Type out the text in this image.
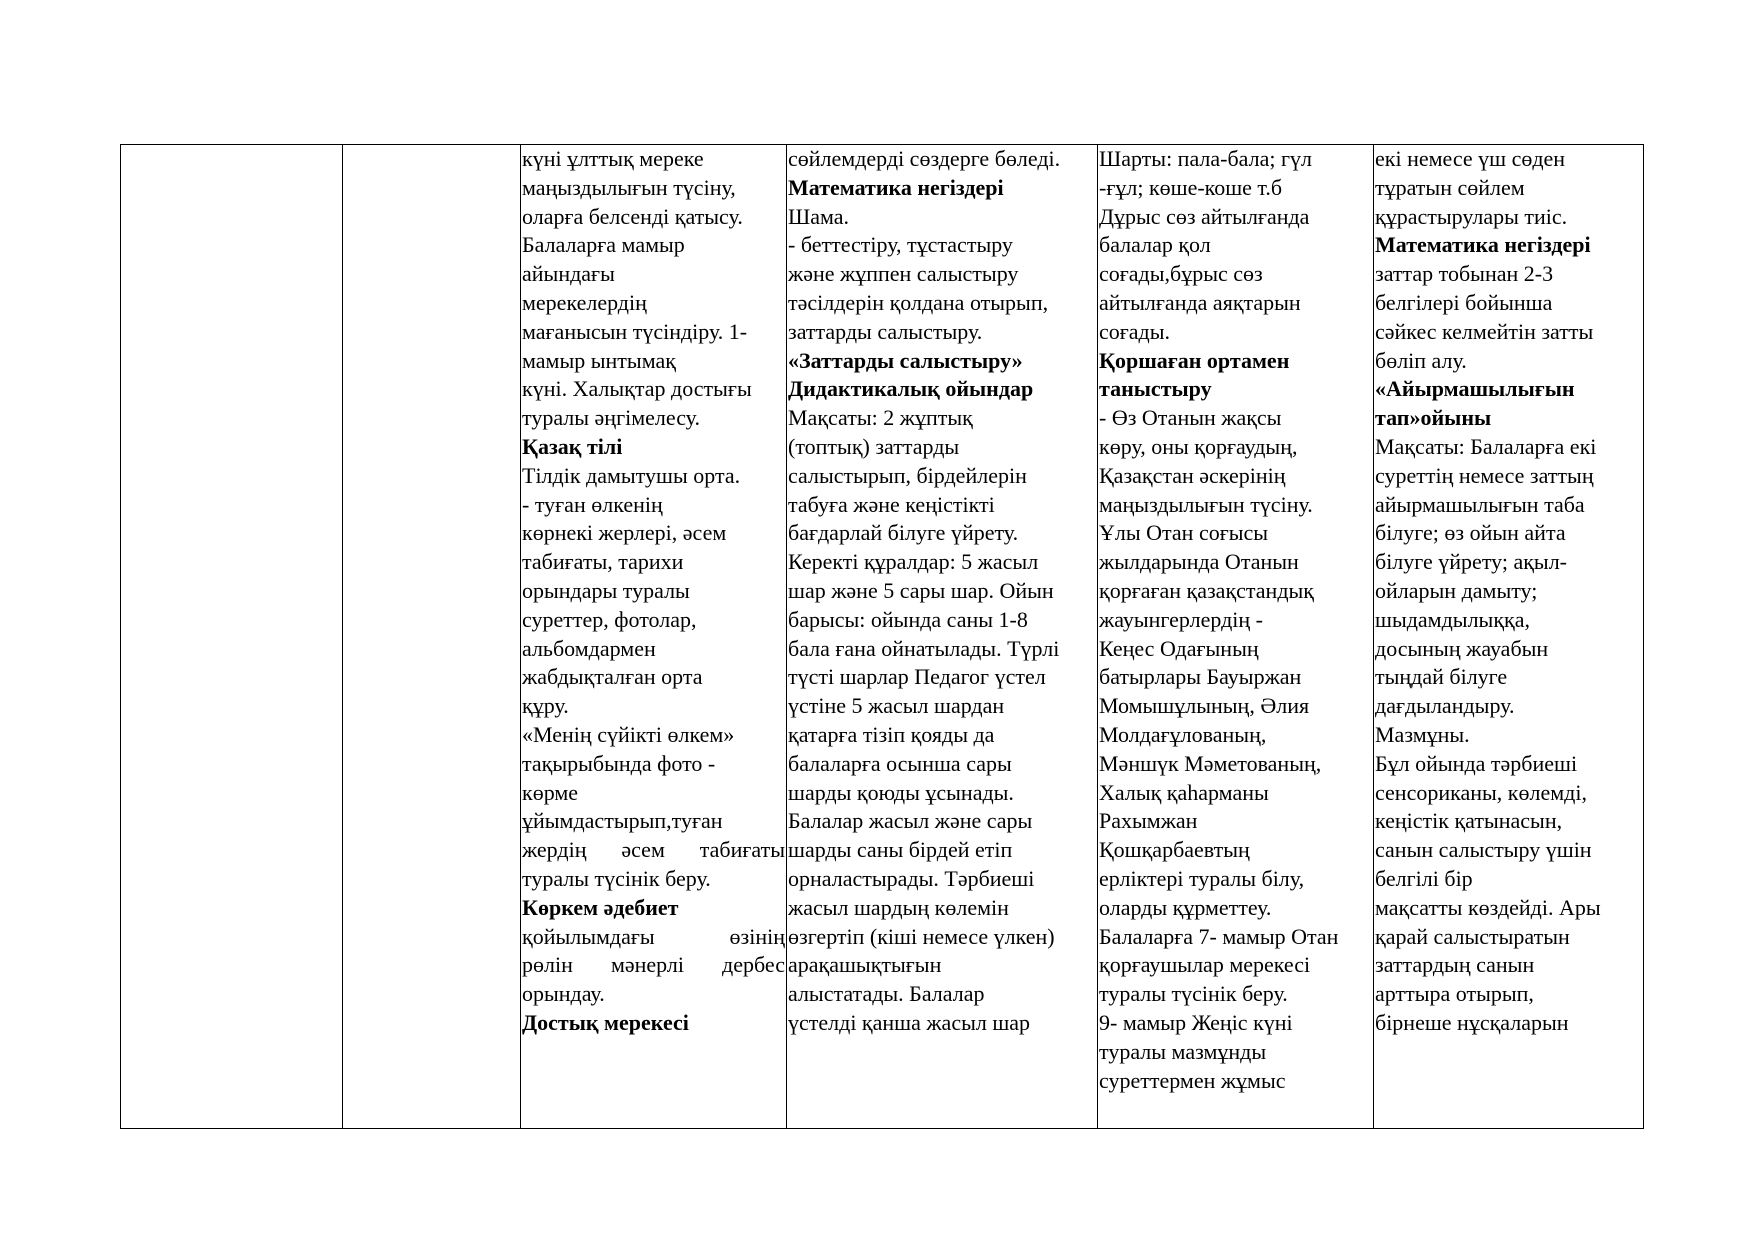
күні ұлттық мереке
маңыздылығын түсіну,
оларға белсенді қатысу.
Балаларға мамыр
айындағы
мерекелердің
мағанысын түсіндіру. 1-
мамыр ынтымақ
күні. Халықтар достығы
туралы әңгімелесу.
Қазақ тілі
Тілдік дамытушы орта.
- туған өлкенің
көрнекі жерлері, әсем
табиғаты, тарихи
орындары туралы
суреттер, фотолар,
альбомдармен
жабдықталған орта
құру.
«Менің сүйікті өлкем»
тақырыбында фото -
көрме
ұйымдастырып,туған
жердің әсем табиғаты
туралы түсінік беру.
Көркем әдебиет
қойылымдағы	өзінің
рөлін мәнерлі дербес
орындау.
Достық мерекесі

сөйлемдерді сөздерге бөледі.
Математика негіздері
Шама.
- беттестіру, тұстастыру
және жұппен салыстыру
тәсілдерін қолдана отырып,
заттарды салыстыру.
«Заттарды салыстыру»
Дидактикалық ойындар
Мақсаты: 2 жұптық
(топтық) заттарды
салыстырып, бірдейлерін
табуға және кеңістікті
бағдарлай білуге үйрету.
Керекті құралдар: 5 жасыл
шар және 5 сары шар. Ойын
барысы: ойында саны 1-8
бала ғана ойнатылады. Түрлі
түсті шарлар Педагог үстел
үстіне 5 жасыл шардан
қатарға тізіп қояды да
балаларға осынша сары
шарды қоюды ұсынады.
Балалар жасыл және сары
шарды саны бірдей етіп
орналастырады. Тәрбиеші
жасыл шардың көлемін
өзгертіп (кіші немесе үлкен)
арақашықтығын
алыстатады. Балалар
үстелді қанша жасыл шар

Шарты: пала-бала; гүл
-ғұл; көше-коше т.б
Дұрыс сөз айтылғанда
балалар қол
соғады,бұрыс сөз
айтылғанда аяқтарын
соғады.
Қоршаған ортамен
таныстыру
- Өз Отанын жақсы
көру, оны қорғаудың,
Қазақстан әскерінің
маңыздылығын түсіну.
Ұлы Отан соғысы
жылдарында Отанын
қорғаған қазақстандық
жауынгерлердің -
Кеңес Одағының
батырлары Бауыржан
Момышұлының, Әлия
Молдағұлованың,
Мәншүк Мәметованың,
Халық қаһарманы
Рахымжан
Қошқарбаевтың
ерліктері туралы білу,
оларды құрметтеу.
Балаларға 7- мамыр Отан
қорғаушылар мерекесі
туралы түсінік беру.
9- мамыр Жеңіс күні
туралы мазмұнды
суреттермен жұмыс

екі немесе үш сөден
тұратын сөйлем
құрастырулары тиіс.
Математика негіздері
заттар тобынан 2-3
белгілері бойынша
сәйкес келмейтін затты
бөліп алу.
«Айырмашылығын
тап»ойыны
Мақсаты: Балаларға екі
суреттің немесе заттың
айырмашылығын таба
білуге; өз ойын айта
білуге үйрету; ақыл-
ойларын дамыту;
шыдамдылыққа,
досының жауабын
тыңдай білуге
дағдыландыру.
Мазмұны.
Бұл ойында тәрбиеші
сенсориканы, көлемді,
кеңістік қатынасын,
санын салыстыру үшін
белгілі бір
мақсатты көздейді. Ары
қарай салыстыратын
заттардың санын
арттыра отырып,
бірнеше нұсқаларын
